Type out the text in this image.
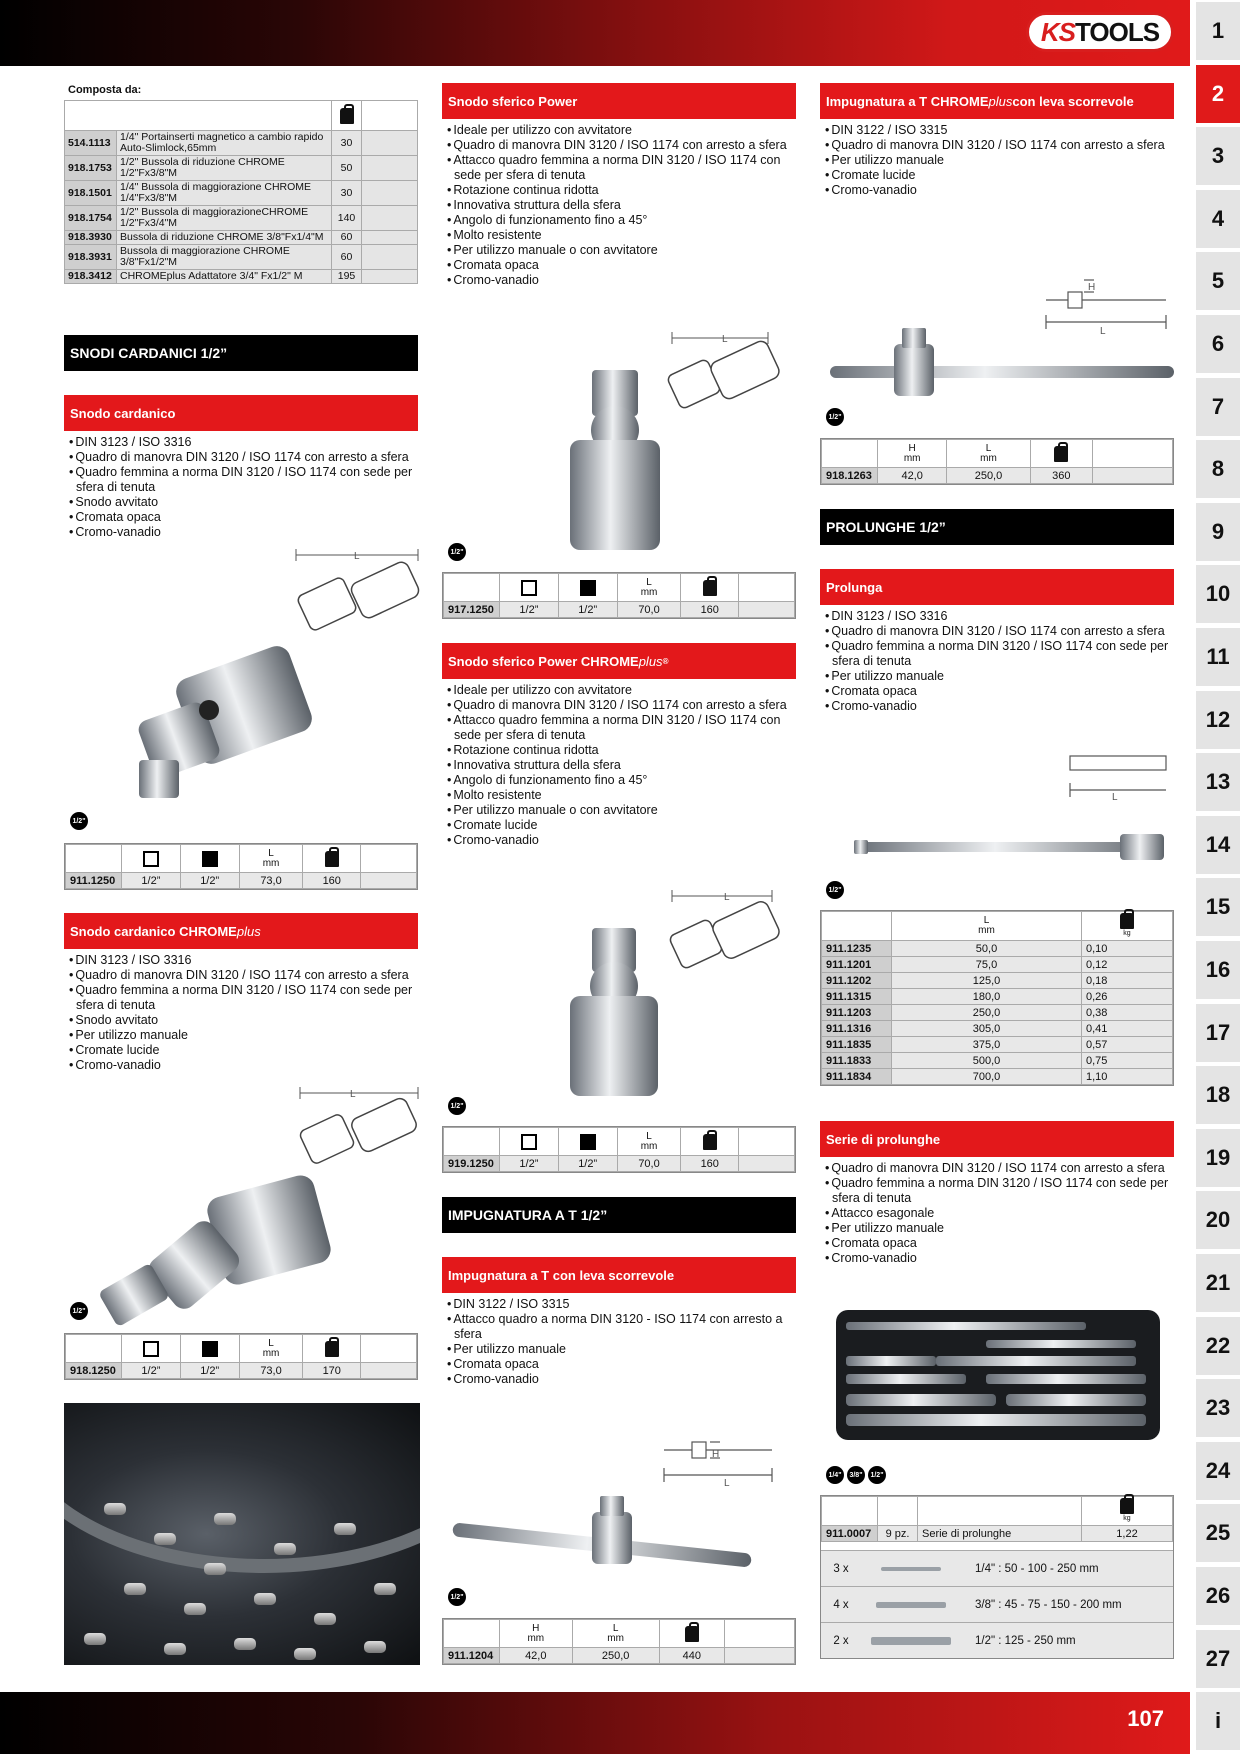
KS TOOLS	1
2
3
4
5
6
7
8
9
10
11
12
13
14
15
16
17
18
19
20
21
22
23
24
25
26
27
i
107
Composta da:

514.1113	1/4" Portainserti magnetico a cambio rapido Auto-Slimlock,65mm	30	
918.1753	1/2" Bussola di riduzione CHROME 1/2"Fx3/8"M	50	
918.1501	1/4" Bussola di maggiorazione CHROME 1/4"Fx3/8"M	30	
918.1754	1/2" Bussola di maggiorazioneCHROME 1/2"Fx3/4"M	140	
918.3930	Bussola di riduzione CHROME 3/8"Fx1/4"M	60	
918.3931	Bussola di maggiorazione CHROME 3/8"Fx1/2"M	60	
918.3412	CHROMEplus Adattatore 3/4" Fx1/2" M	195	
SNODI CARDANICI 1/2”
Snodo cardanico
• DIN 3123 / ISO 3316
• Quadro di manovra DIN 3120 / ISO 1174 con arresto a sfera
• Quadro femmina a norma DIN 3120 / ISO 1174 con sede per sfera di tenuta
• Snodo avvitato
• Cromata opaca
• Cromo-vanadio
L
1/2"
			L
mm		
911.1250	1/2”	1/2”	73,0	160	
Snodo cardanico CHROME plus
• DIN 3123 / ISO 3316
• Quadro di manovra DIN 3120 / ISO 1174 con arresto a sfera
• Quadro femmina a norma DIN 3120 / ISO 1174 con sede per sfera di tenuta
• Snodo avvitato
• Per utilizzo manuale
• Cromate lucide
• Cromo-vanadio
L
1/2"
			L
mm		
918.1250	1/2”	1/2”	73,0	170	
Snodo sferico Power
• Ideale per utilizzo con avvitatore
• Quadro di manovra DIN 3120 / ISO 1174 con arresto a sfera
• Attacco quadro femmina a norma DIN 3120 / ISO 1174 con sede per sfera di tenuta
• Rotazione continua ridotta
• Innovativa struttura della sfera
• Angolo di funzionamento fino a 45°
• Molto resistente
• Per utilizzo manuale o con avvitatore
• Cromata opaca
• Cromo-vanadio
L
1/2"
			L
mm		
917.1250	1/2”	1/2”	70,0	160	
Snodo sferico Power CHROME plus ®
• Ideale per utilizzo con avvitatore
• Quadro di manovra DIN 3120 / ISO 1174 con arresto a sfera
• Attacco quadro femmina a norma DIN 3120 / ISO 1174 con sede per sfera di tenuta
• Rotazione continua ridotta
• Innovativa struttura della sfera
• Angolo di funzionamento fino a 45°
• Molto resistente
• Per utilizzo manuale o con avvitatore
• Cromate lucide
• Cromo-vanadio
L
1/2"
			L
mm		
919.1250	1/2”	1/2”	70,0	160	
IMPUGNATURA A T 1/2”
Impugnatura a T con leva scorrevole
• DIN 3122 / ISO 3315
• Attacco quadro a norma DIN 3120 - ISO 1174 con arresto a sfera
• Per utilizzo manuale
• Cromata opaca
• Cromo-vanadio
H
L
1/2"
	H
mm	L
mm		
911.1204	42,0	250,0	440	
Impugnatura a T CHROME plus con leva scorrevole
• DIN 3122 / ISO 3315
• Quadro di manovra DIN 3120 / ISO 1174 con arresto a sfera
• Per utilizzo manuale
• Cromate lucide
• Cromo-vanadio
H
L
1/2"
	H
mm	L
mm		
918.1263	42,0	250,0	360	
PROLUNGHE 1/2”
Prolunga
• DIN 3123 / ISO 3316
• Quadro di manovra DIN 3120 / ISO 1174 con arresto a sfera
• Quadro femmina a norma DIN 3120 / ISO 1174 con sede per sfera di tenuta
• Per utilizzo manuale
• Cromata opaca
• Cromo-vanadio
L
1/2"
	L
mm	kg

911.1235	50,0	0,10
911.1201	75,0	0,12
911.1202	125,0	0,18
911.1315	180,0	0,26
911.1203	250,0	0,38
911.1316	305,0	0,41
911.1835	375,0	0,57
911.1833	500,0	0,75
911.1834	700,0	1,10
Serie di prolunghe
• Quadro di manovra DIN 3120 / ISO 1174 con arresto a sfera
• Quadro femmina a norma DIN 3120 / ISO 1174 con sede per sfera di tenuta
• Attacco esagonale
• Per utilizzo manuale
• Cromata opaca
• Cromo-vanadio
1/4"	3/8"	1/2"

			kg

911.0007	9 pz.	Serie di prolunghe	1,22
3 x	1/4" : 50 - 100 - 250 mm
4 x	3/8" : 45 - 75 - 150 - 200 mm
2 x	1/2" : 125 - 250 mm
